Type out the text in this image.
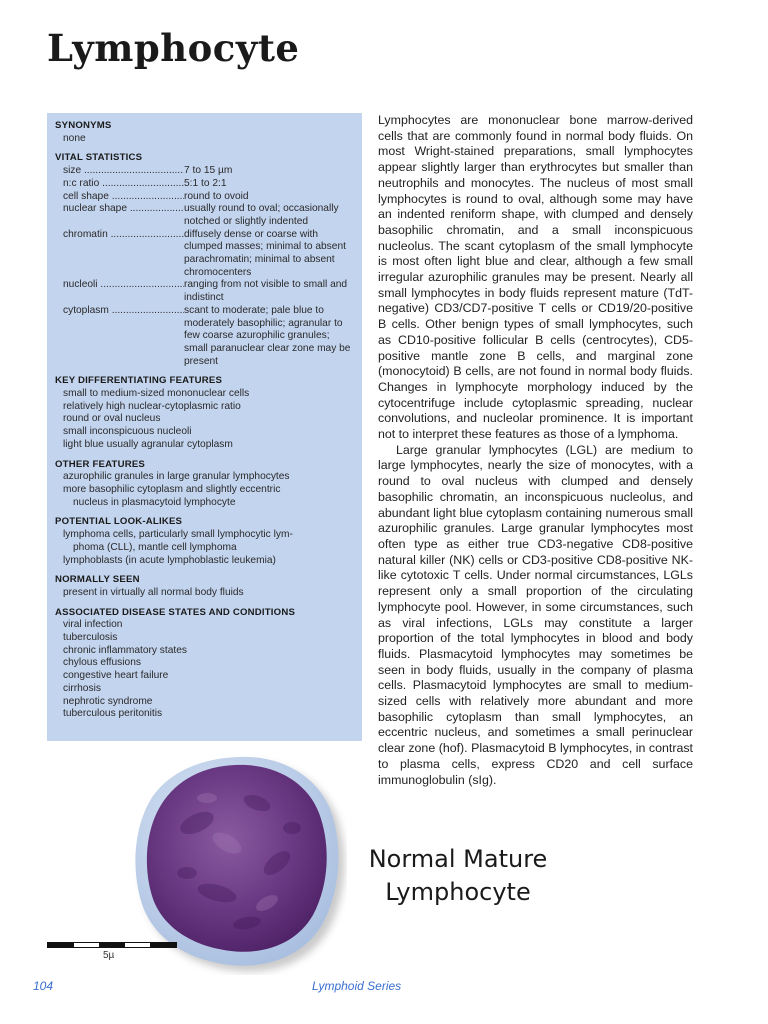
Lymphocyte
SYNONYMS
none
VITAL STATISTICS
size .....	7 to 15 µm
n:c ratio .....	5:1 to 2:1
cell shape .....	round to ovoid
nuclear shape .....	usually round to oval; occasionally notched or slightly indented
chromatin .....	diffusely dense or coarse with clumped masses; minimal to absent parachromatin; minimal to absent chromocenters
nucleoli .....	ranging from not visible to small and indistinct
cytoplasm .....	scant to moderate; pale blue to moderately basophilic; agranular to few coarse azurophilic granules; small paranuclear clear zone may be present
KEY DIFFERENTIATING FEATURES
small to medium-sized mononuclear cells
relatively high nuclear-cytoplasmic ratio
round or oval nucleus
small inconspicuous nucleoli
light blue usually agranular cytoplasm
OTHER FEATURES
azurophilic granules in large granular lymphocytes
more basophilic cytoplasm and slightly eccentric
nucleus in plasmacytoid lymphocyte
POTENTIAL LOOK-ALIKES
lymphoma cells, particularly small lymphocytic lym-
phoma (CLL), mantle cell lymphoma
lymphoblasts (in acute lymphoblastic leukemia)
NORMALLY SEEN
present in virtually all normal body fluids
ASSOCIATED DISEASE STATES AND CONDITIONS
viral infection
tuberculosis
chronic inflammatory states
chylous effusions
congestive heart failure
cirrhosis
nephrotic syndrome
tuberculous peritonitis

Lymphocytes are mononuclear bone marrow-derived cells that are commonly found in normal body fluids. On most Wright-stained preparations, small lymphocytes appear slightly larger than erythrocytes but smaller than neutrophils and monocytes. The nucleus of most small lymphocytes is round to oval, although some may have an indented reniform shape, with clumped and densely basophilic chromatin, and a small inconspicuous nucleolus. The scant cytoplasm of the small lymphocyte is most often light blue and clear, although a few small irregular azurophilic granules may be present. Nearly all small lymphocytes in body fluids represent mature (TdT-negative) CD3/CD7-positive T cells or CD19/20-positive B cells. Other benign types of small lymphocytes, such as CD10-positive follicular B cells (centrocytes), CD5-positive mantle zone B cells, and marginal zone (monocytoid) B cells, are not found in normal body fluids. Changes in lymphocyte morphology induced by the cytocentrifuge include cytoplasmic spreading, nuclear convolutions, and nucleolar prominence. It is important not to interpret these features as those of a lymphoma.

Large granular lymphocytes (LGL) are medium to large lymphocytes, nearly the size of monocytes, with a round to oval nucleus with clumped and densely basophilic chromatin, an inconspicuous nucleolus, and abundant light blue cytoplasm containing numerous small azurophilic granules. Large granular lymphocytes most often type as either true CD3-negative CD8-positive natural killer (NK) cells or CD3-positive CD8-positive NK-like cytotoxic T cells. Under normal circumstances, LGLs represent only a small proportion of the circulating lymphocyte pool. However, in some circumstances, such as viral infections, LGLs may constitute a larger proportion of the total lymphocytes in blood and body fluids. Plasmacytoid lymphocytes may sometimes be seen in body fluids, usually in the company of plasma cells. Plasmacytoid lymphocytes are small to medium-sized cells with relatively more abundant and more basophilic cytoplasm than small lymphocytes, an eccentric nucleus, and sometimes a small perinuclear clear zone (hof). Plasmacytoid B lymphocytes, in contrast to plasma cells, express CD20 and cell surface immunoglobulin (sIg).

Normal Mature
Lymphocyte
5µ
104	Lymphoid Series
